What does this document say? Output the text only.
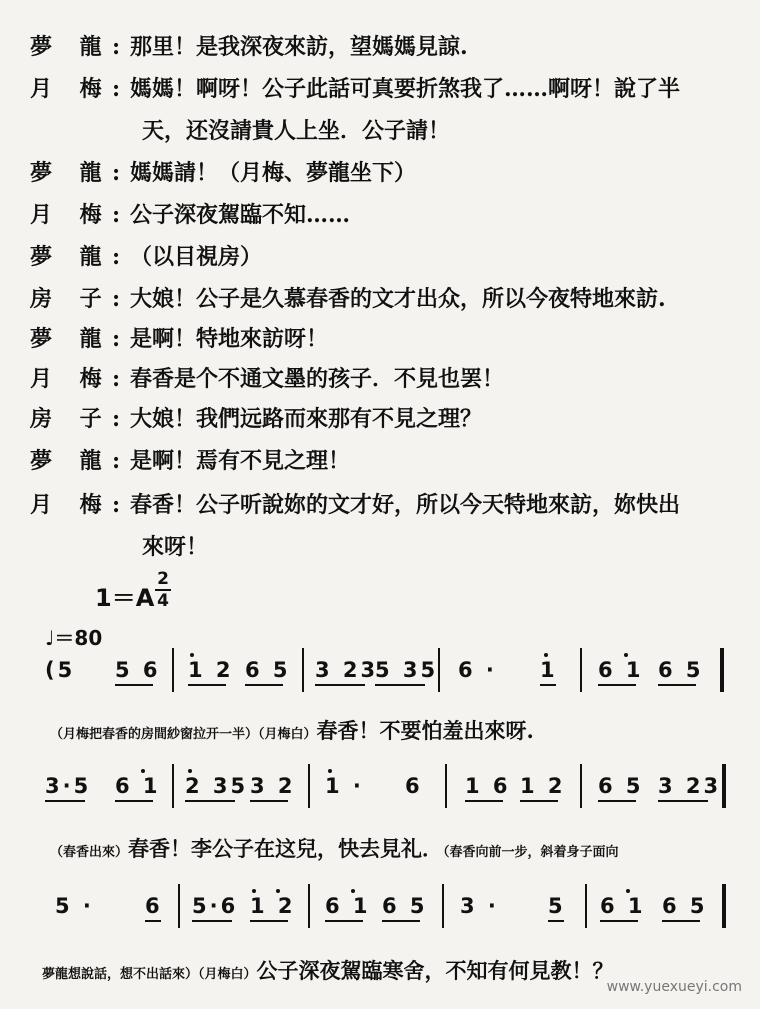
夢 龍: 那里！是我深夜來訪，望媽媽見諒.
月 梅: 媽媽！啊呀！公子此話可真要折煞我了……啊呀！說了半
天，还沒請貴人上坐．公子請！
夢 龍: 媽媽請！（月梅、夢龍坐下）
月 梅: 公子深夜駕臨不知……
夢 龍: （以目視房）
房 子: 大娘！公子是久慕春香的文才出众，所以今夜特地來訪.
夢 龍: 是啊！特地來訪呀！
月 梅: 春香是个不通文墨的孩子．不見也罢！
房 子: 大娘！我們远路而來那有不見之理？
夢 龍: 是啊！焉有不見之理！
月 梅: 春香！公子听說妳的文才好，所以今天特地來訪，妳快出
來呀！
1＝A
2
4
♩＝80
(5 5 6 1 2 6 5 3 23
5 35 6 · 1 6 1 6 5
（月梅把春香的房間紗窗拉开一半）（月梅白）春香！不要怕羞出來呀.
3·5 6 1 2 35 3 2 1 · 6 1 6 1 2 6 5 3 23
（春香出來）春香！李公子在这兒，快去見礼．（春香向前一步，斜着身子面向
5 · 6 5·6 1 2 6 1 6 5 3 · 5 6 1 6 5
夢龍想說話，想不出話來）（月梅白）公子深夜駕臨寒舍，不知有何見教！？
www.yuexueyi.com
